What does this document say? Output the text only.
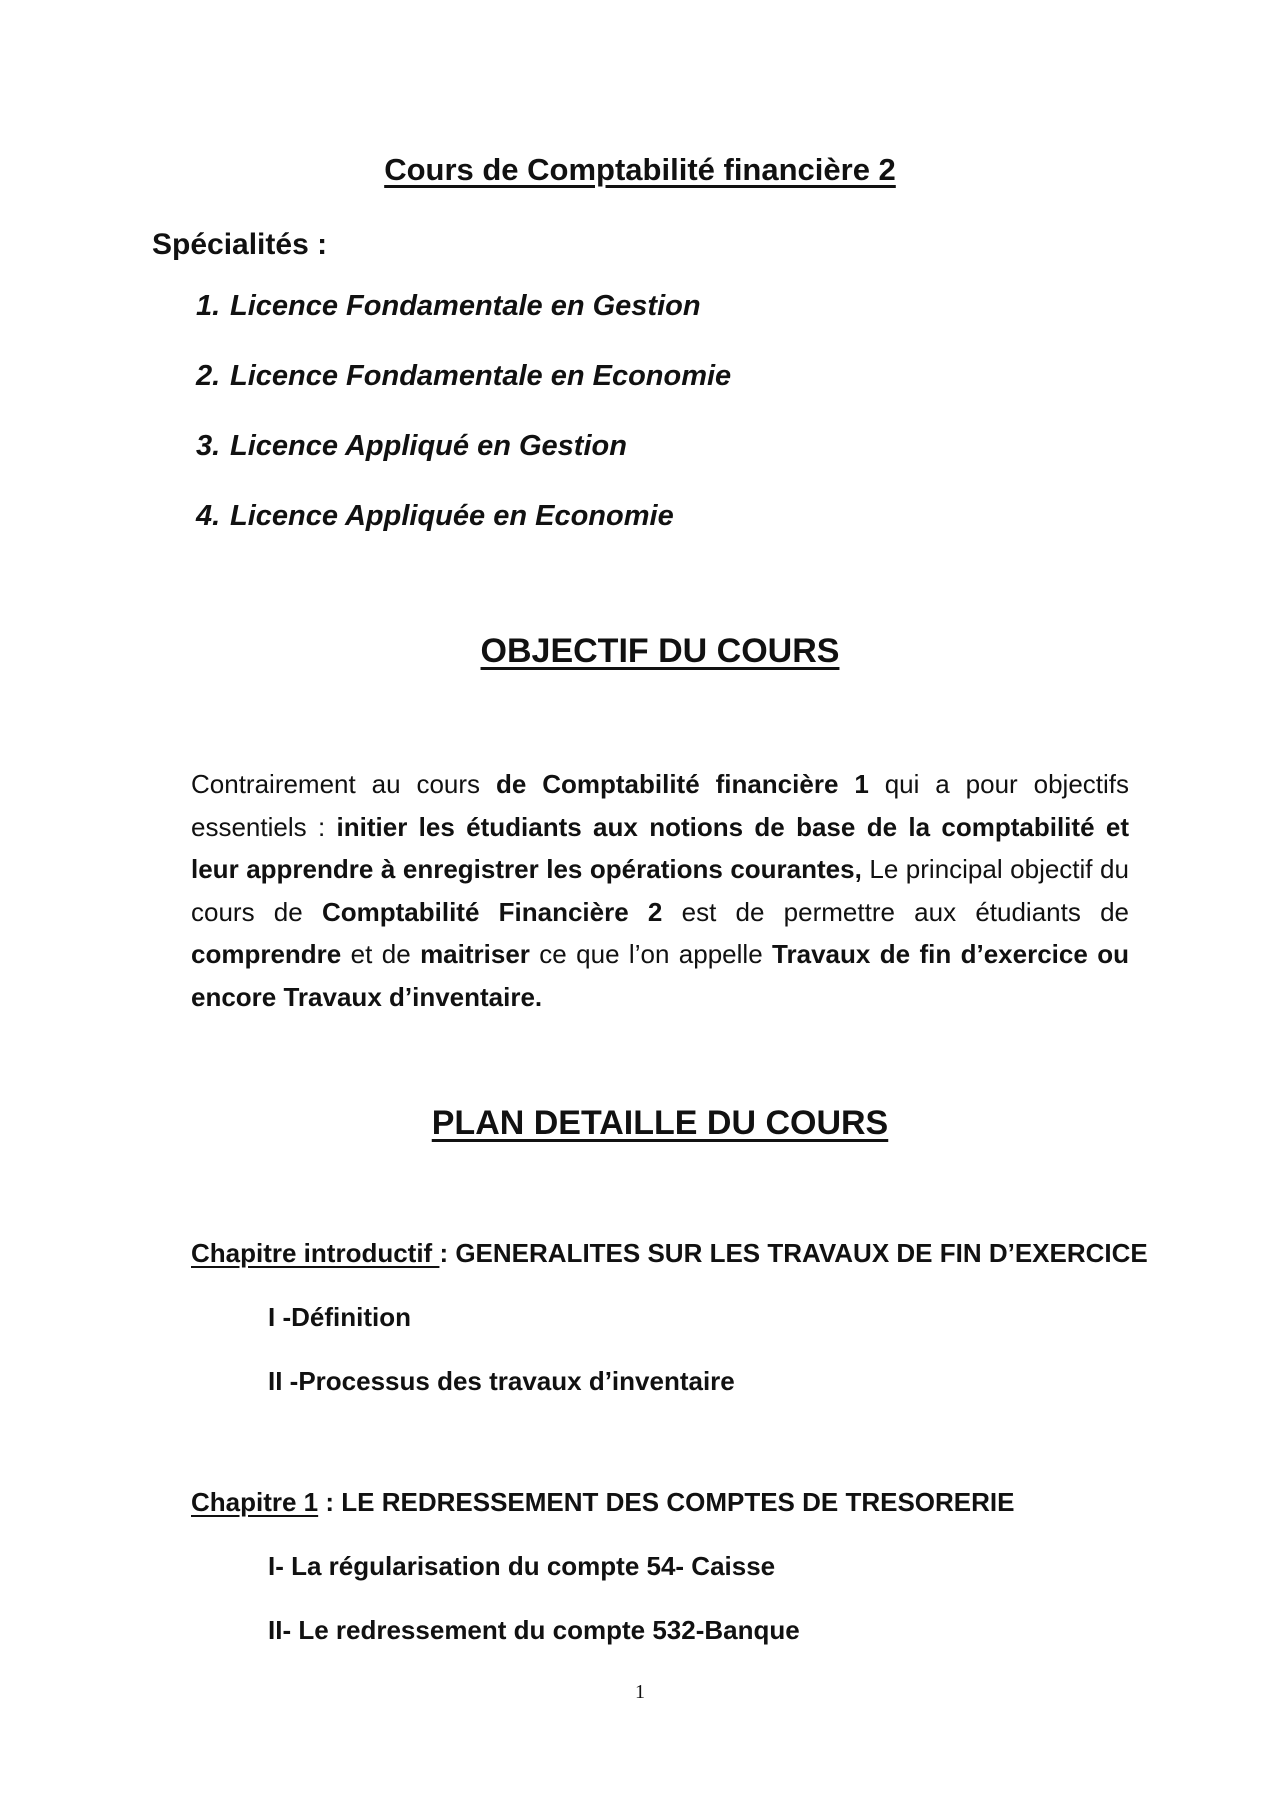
Cours de Comptabilité financière 2
Spécialités :
1. Licence Fondamentale en Gestion
2. Licence Fondamentale en Economie
3. Licence Appliqué en Gestion
4. Licence Appliquée en Economie
OBJECTIF DU COURS

Contrairement au cours de Comptabilité financière 1 qui a pour objectifs essentiels : initier les étudiants aux notions de base de la comptabilité et leur apprendre à enregistrer les opérations courantes, Le principal objectif du cours de Comptabilité Financière 2 est de permettre aux étudiants de comprendre et de maitriser ce que l’on appelle Travaux de fin d’exercice ou encore Travaux d’inventaire.

PLAN DETAILLE DU COURS
Chapitre introductif : GENERALITES SUR LES TRAVAUX DE FIN D’EXERCICE
I -Définition
II -Processus des travaux d’inventaire
Chapitre 1 : LE REDRESSEMENT DES COMPTES DE TRESORERIE
I- La régularisation du compte 54- Caisse
II- Le redressement du compte 532-Banque
1
